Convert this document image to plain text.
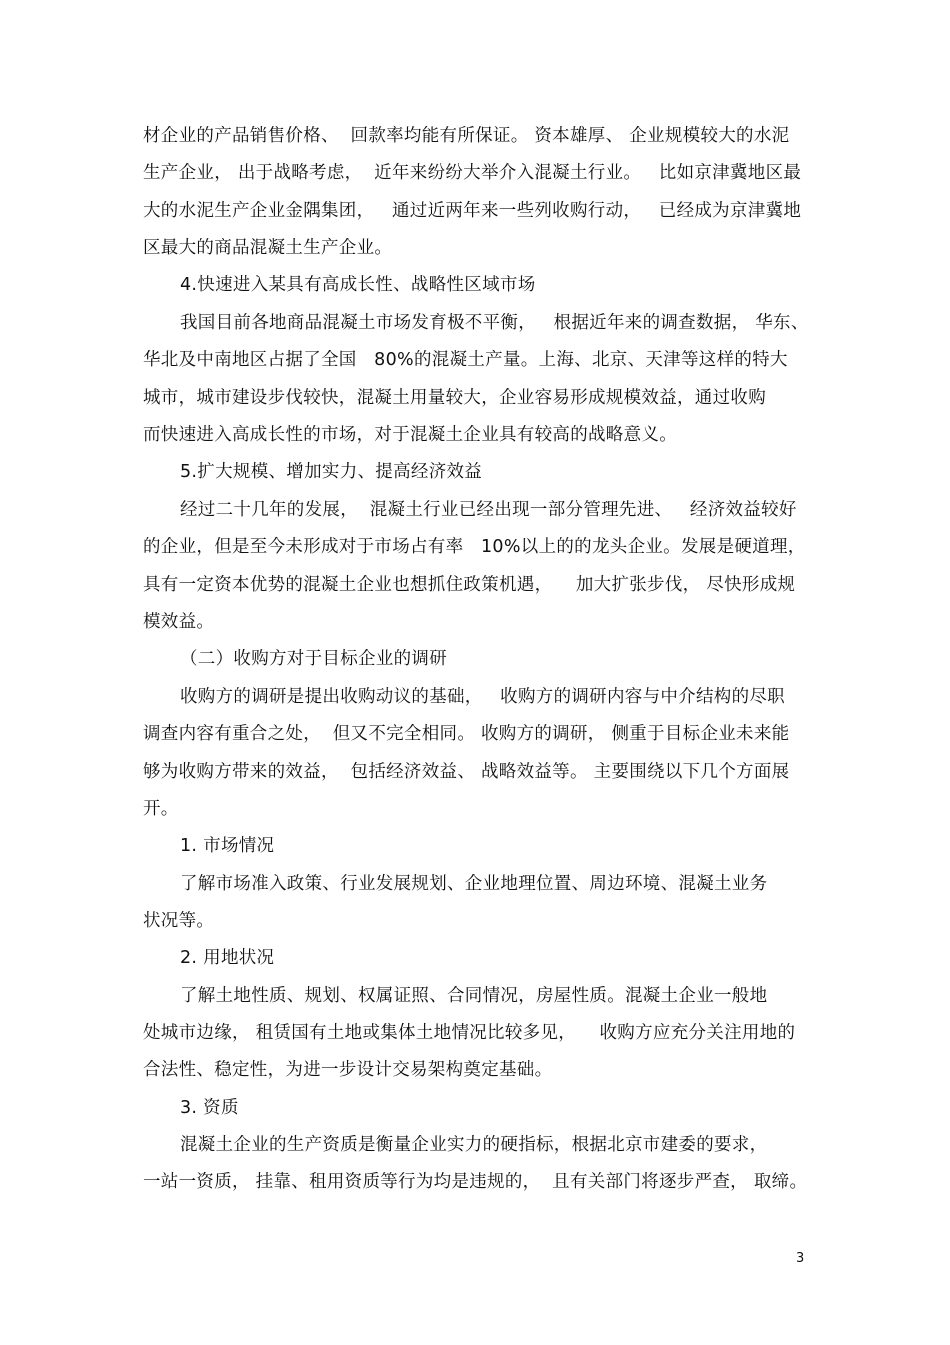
材企业的产品销售价格、  回款率均能有所保证。 资本雄厚、 企业规模较大的水泥
生产企业， 出于战略考虑，  近年来纷纷大举介入混凝土行业。   比如京津冀地区最
大的水泥生产企业金隅集团，   通过近两年来一些列收购行动，   已经成为京津冀地
区最大的商品混凝土生产企业。
4.快速进入某具有高成长性、战略性区域市场
我国目前各地商品混凝土市场发育极不平衡，   根据近年来的调查数据， 华东、
华北及中南地区占据了全国   80%的混凝土产量。上海、北京、天津等这样的特大
城市，城市建设步伐较快，混凝土用量较大，企业容易形成规模效益，通过收购
而快速进入高成长性的市场，对于混凝土企业具有较高的战略意义。
5.扩大规模、增加实力、提高经济效益
经过二十几年的发展，  混凝土行业已经出现一部分管理先进、   经济效益较好
的企业，但是至今未形成对于市场占有率   10%以上的的龙头企业。发展是硬道理，
具有一定资本优势的混凝土企业也想抓住政策机遇，    加大扩张步伐， 尽快形成规
模效益。
（二）收购方对于目标企业的调研
收购方的调研是提出收购动议的基础，   收购方的调研内容与中介结构的尽职
调查内容有重合之处，  但又不完全相同。 收购方的调研， 侧重于目标企业未来能
够为收购方带来的效益，  包括经济效益、 战略效益等。 主要围绕以下几个方面展
开。
1. 市场情况
了解市场准入政策、行业发展规划、企业地理位置、周边环境、混凝土业务
状况等。
2. 用地状况
了解土地性质、规划、权属证照、合同情况，房屋性质。混凝土企业一般地
处城市边缘， 租赁国有土地或集体土地情况比较多见，    收购方应充分关注用地的
合法性、稳定性，为进一步设计交易架构奠定基础。
3. 资质
混凝土企业的生产资质是衡量企业实力的硬指标，根据北京市建委的要求，
一站一资质， 挂靠、租用资质等行为均是违规的，  且有关部门将逐步严查， 取缔。
3
